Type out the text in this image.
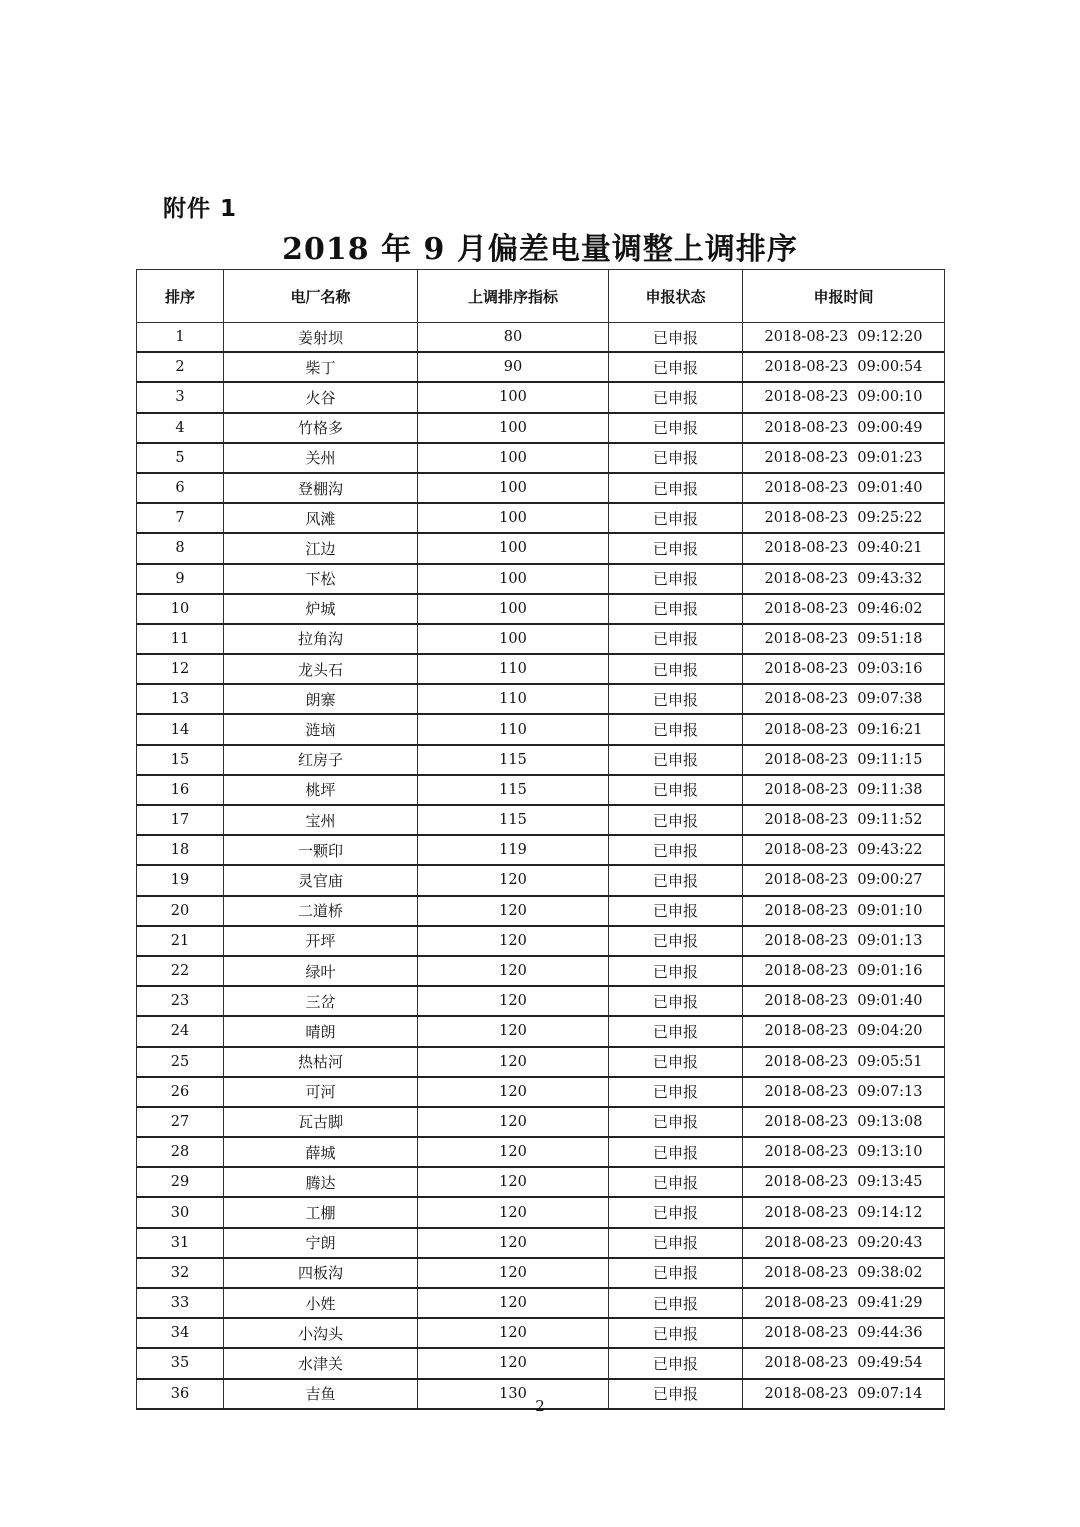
附件 1
2018 年 9 月偏差电量调整上调排序
排序	电厂名称	上调排序指标	申报状态	申报时间
1	姜射坝	80	已申报	2018-08-23  09:12:20
2	柴丁	90	已申报	2018-08-23  09:00:54
3	火谷	100	已申报	2018-08-23  09:00:10
4	竹格多	100	已申报	2018-08-23  09:00:49
5	关州	100	已申报	2018-08-23  09:01:23
6	登棚沟	100	已申报	2018-08-23  09:01:40
7	风滩	100	已申报	2018-08-23  09:25:22
8	江边	100	已申报	2018-08-23  09:40:21
9	下松	100	已申报	2018-08-23  09:43:32
10	炉城	100	已申报	2018-08-23  09:46:02
11	拉角沟	100	已申报	2018-08-23  09:51:18
12	龙头石	110	已申报	2018-08-23  09:03:16
13	朗寨	110	已申报	2018-08-23  09:07:38
14	涟垴	110	已申报	2018-08-23  09:16:21
15	红房子	115	已申报	2018-08-23  09:11:15
16	桃坪	115	已申报	2018-08-23  09:11:38
17	宝州	115	已申报	2018-08-23  09:11:52
18	一颗印	119	已申报	2018-08-23  09:43:22
19	灵官庙	120	已申报	2018-08-23  09:00:27
20	二道桥	120	已申报	2018-08-23  09:01:10
21	开坪	120	已申报	2018-08-23  09:01:13
22	绿叶	120	已申报	2018-08-23  09:01:16
23	三岔	120	已申报	2018-08-23  09:01:40
24	晴朗	120	已申报	2018-08-23  09:04:20
25	热枯河	120	已申报	2018-08-23  09:05:51
26	可河	120	已申报	2018-08-23  09:07:13
27	瓦古脚	120	已申报	2018-08-23  09:13:08
28	薛城	120	已申报	2018-08-23  09:13:10
29	腾达	120	已申报	2018-08-23  09:13:45
30	工棚	120	已申报	2018-08-23  09:14:12
31	宁朗	120	已申报	2018-08-23  09:20:43
32	四板沟	120	已申报	2018-08-23  09:38:02
33	小姓	120	已申报	2018-08-23  09:41:29
34	小沟头	120	已申报	2018-08-23  09:44:36
35	水津关	120	已申报	2018-08-23  09:49:54
36	吉鱼	130	已申报	2018-08-23  09:07:14
2
